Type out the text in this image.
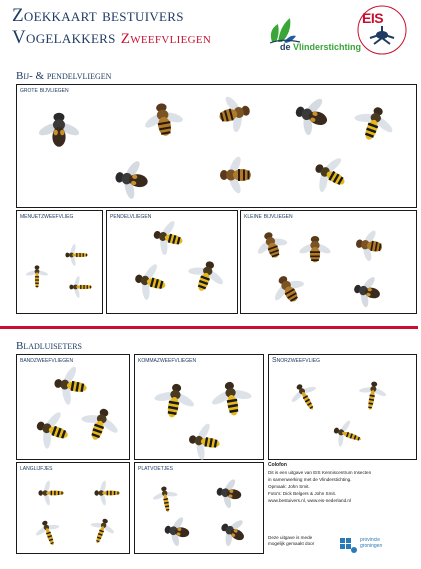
Zoekkaart bestuivers
Vogelakkers Zweefvliegen	de Vlinderstichting
EIS
Bij- & pendelvliegen
grote bijvliegen
menuetzweefvlieg	pendelvliegen	kleine bijvliegen
Bladluiseters
bandzweefvliegen	kommazweefvliegen	Snorzweefvlieg
langlijfjes	platvoetjes	Colofon
Dit is een uitgave van EIS Kenniscentrum Insecten
in samenwerking met de Vlinderstichting.
Opmaak: John Smit.
Foto's: Dick Belgers & John Smit.
www.bestuivers.nl, www.eis-nederland.nl
Deze uitgave is mede
mogelijk gemaakt door
provincie
groningen
